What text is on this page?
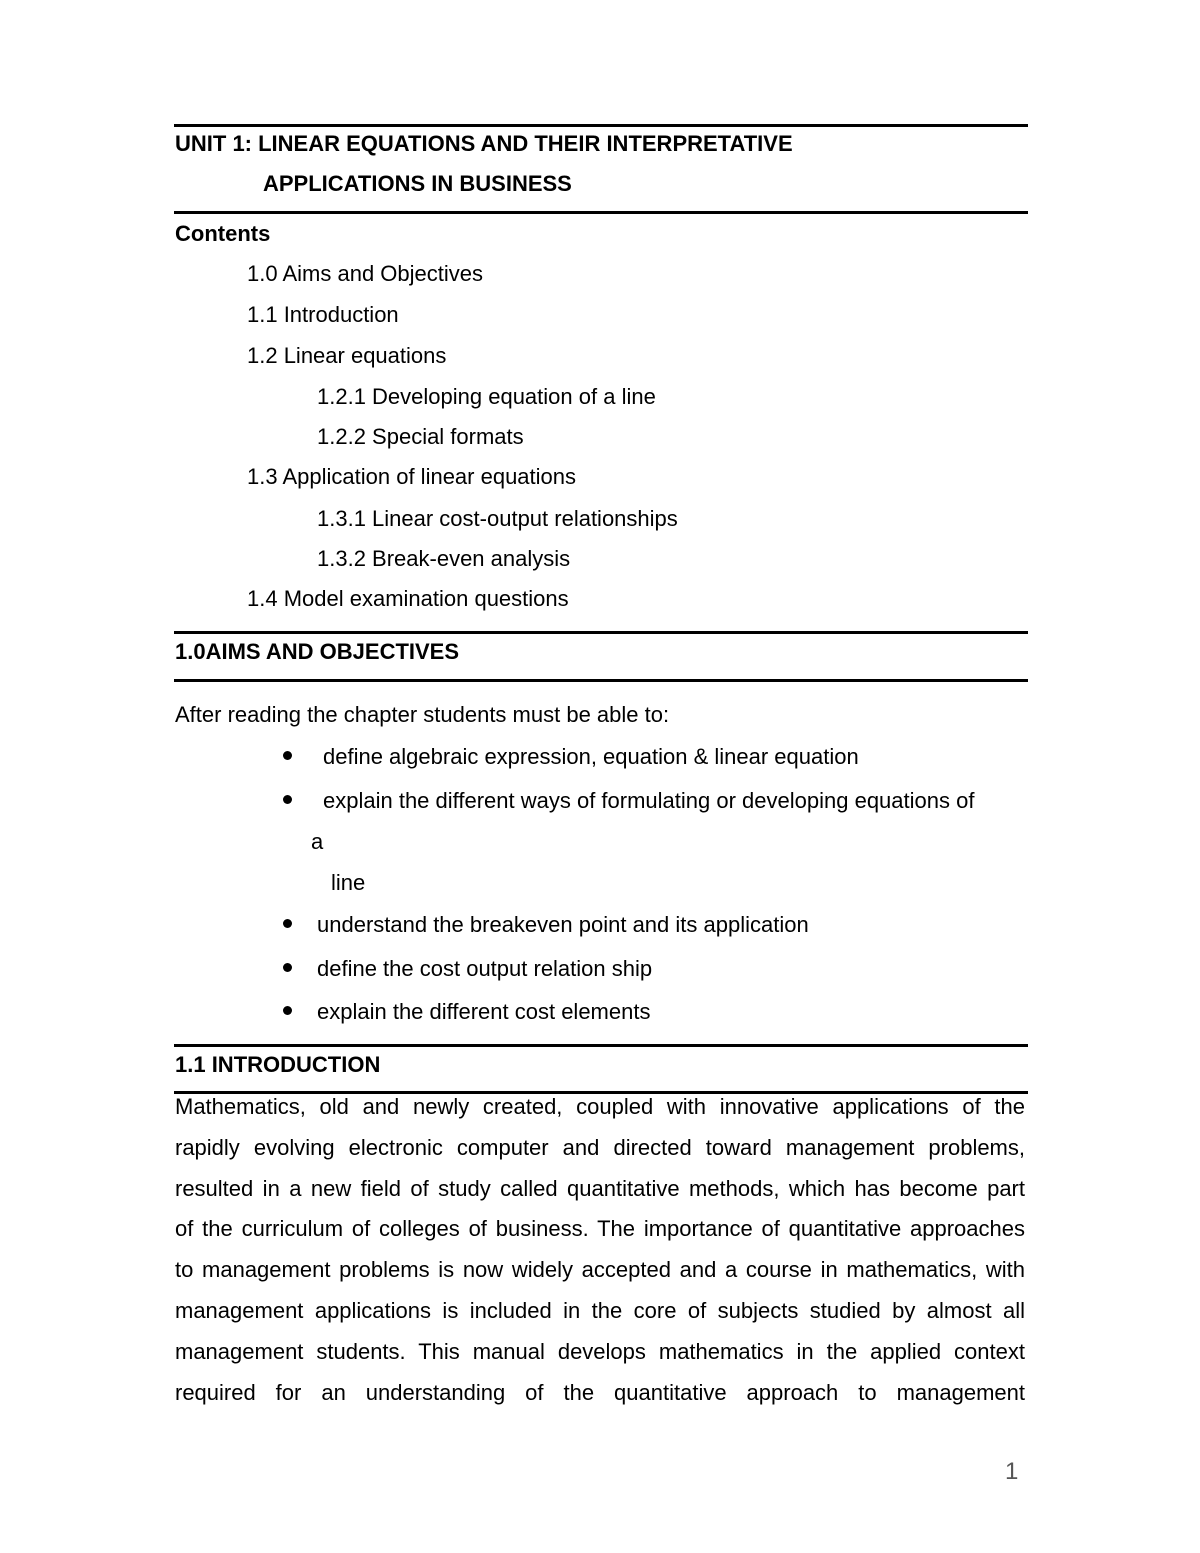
UNIT 1: LINEAR EQUATIONS AND THEIR INTERPRETATIVE
APPLICATIONS IN BUSINESS
Contents
1.0 Aims and Objectives
1.1 Introduction
1.2 Linear equations
1.2.1 Developing equation of a line
1.2.2 Special formats
1.3 Application of linear equations
1.3.1 Linear cost-output relationships
1.3.2 Break-even analysis
1.4 Model examination questions
1.0AIMS AND OBJECTIVES
After reading the chapter students must be able to:
define algebraic expression, equation & linear equation
explain the different ways of formulating or developing equations of
a
line
understand the breakeven point and its application
define the cost output relation ship
explain the different cost elements
1.1 INTRODUCTION
Mathematics, old and newly created, coupled with innovative applications of the
rapidly evolving electronic computer and directed toward management problems,
resulted in a new field of study called quantitative methods, which has become part
of the curriculum of colleges of business. The importance of quantitative approaches
to management problems is now widely accepted and a course in mathematics, with
management applications is included in the core of subjects studied by almost all
management students. This manual develops mathematics in the applied context
required for an understanding of the quantitative approach to management
1
